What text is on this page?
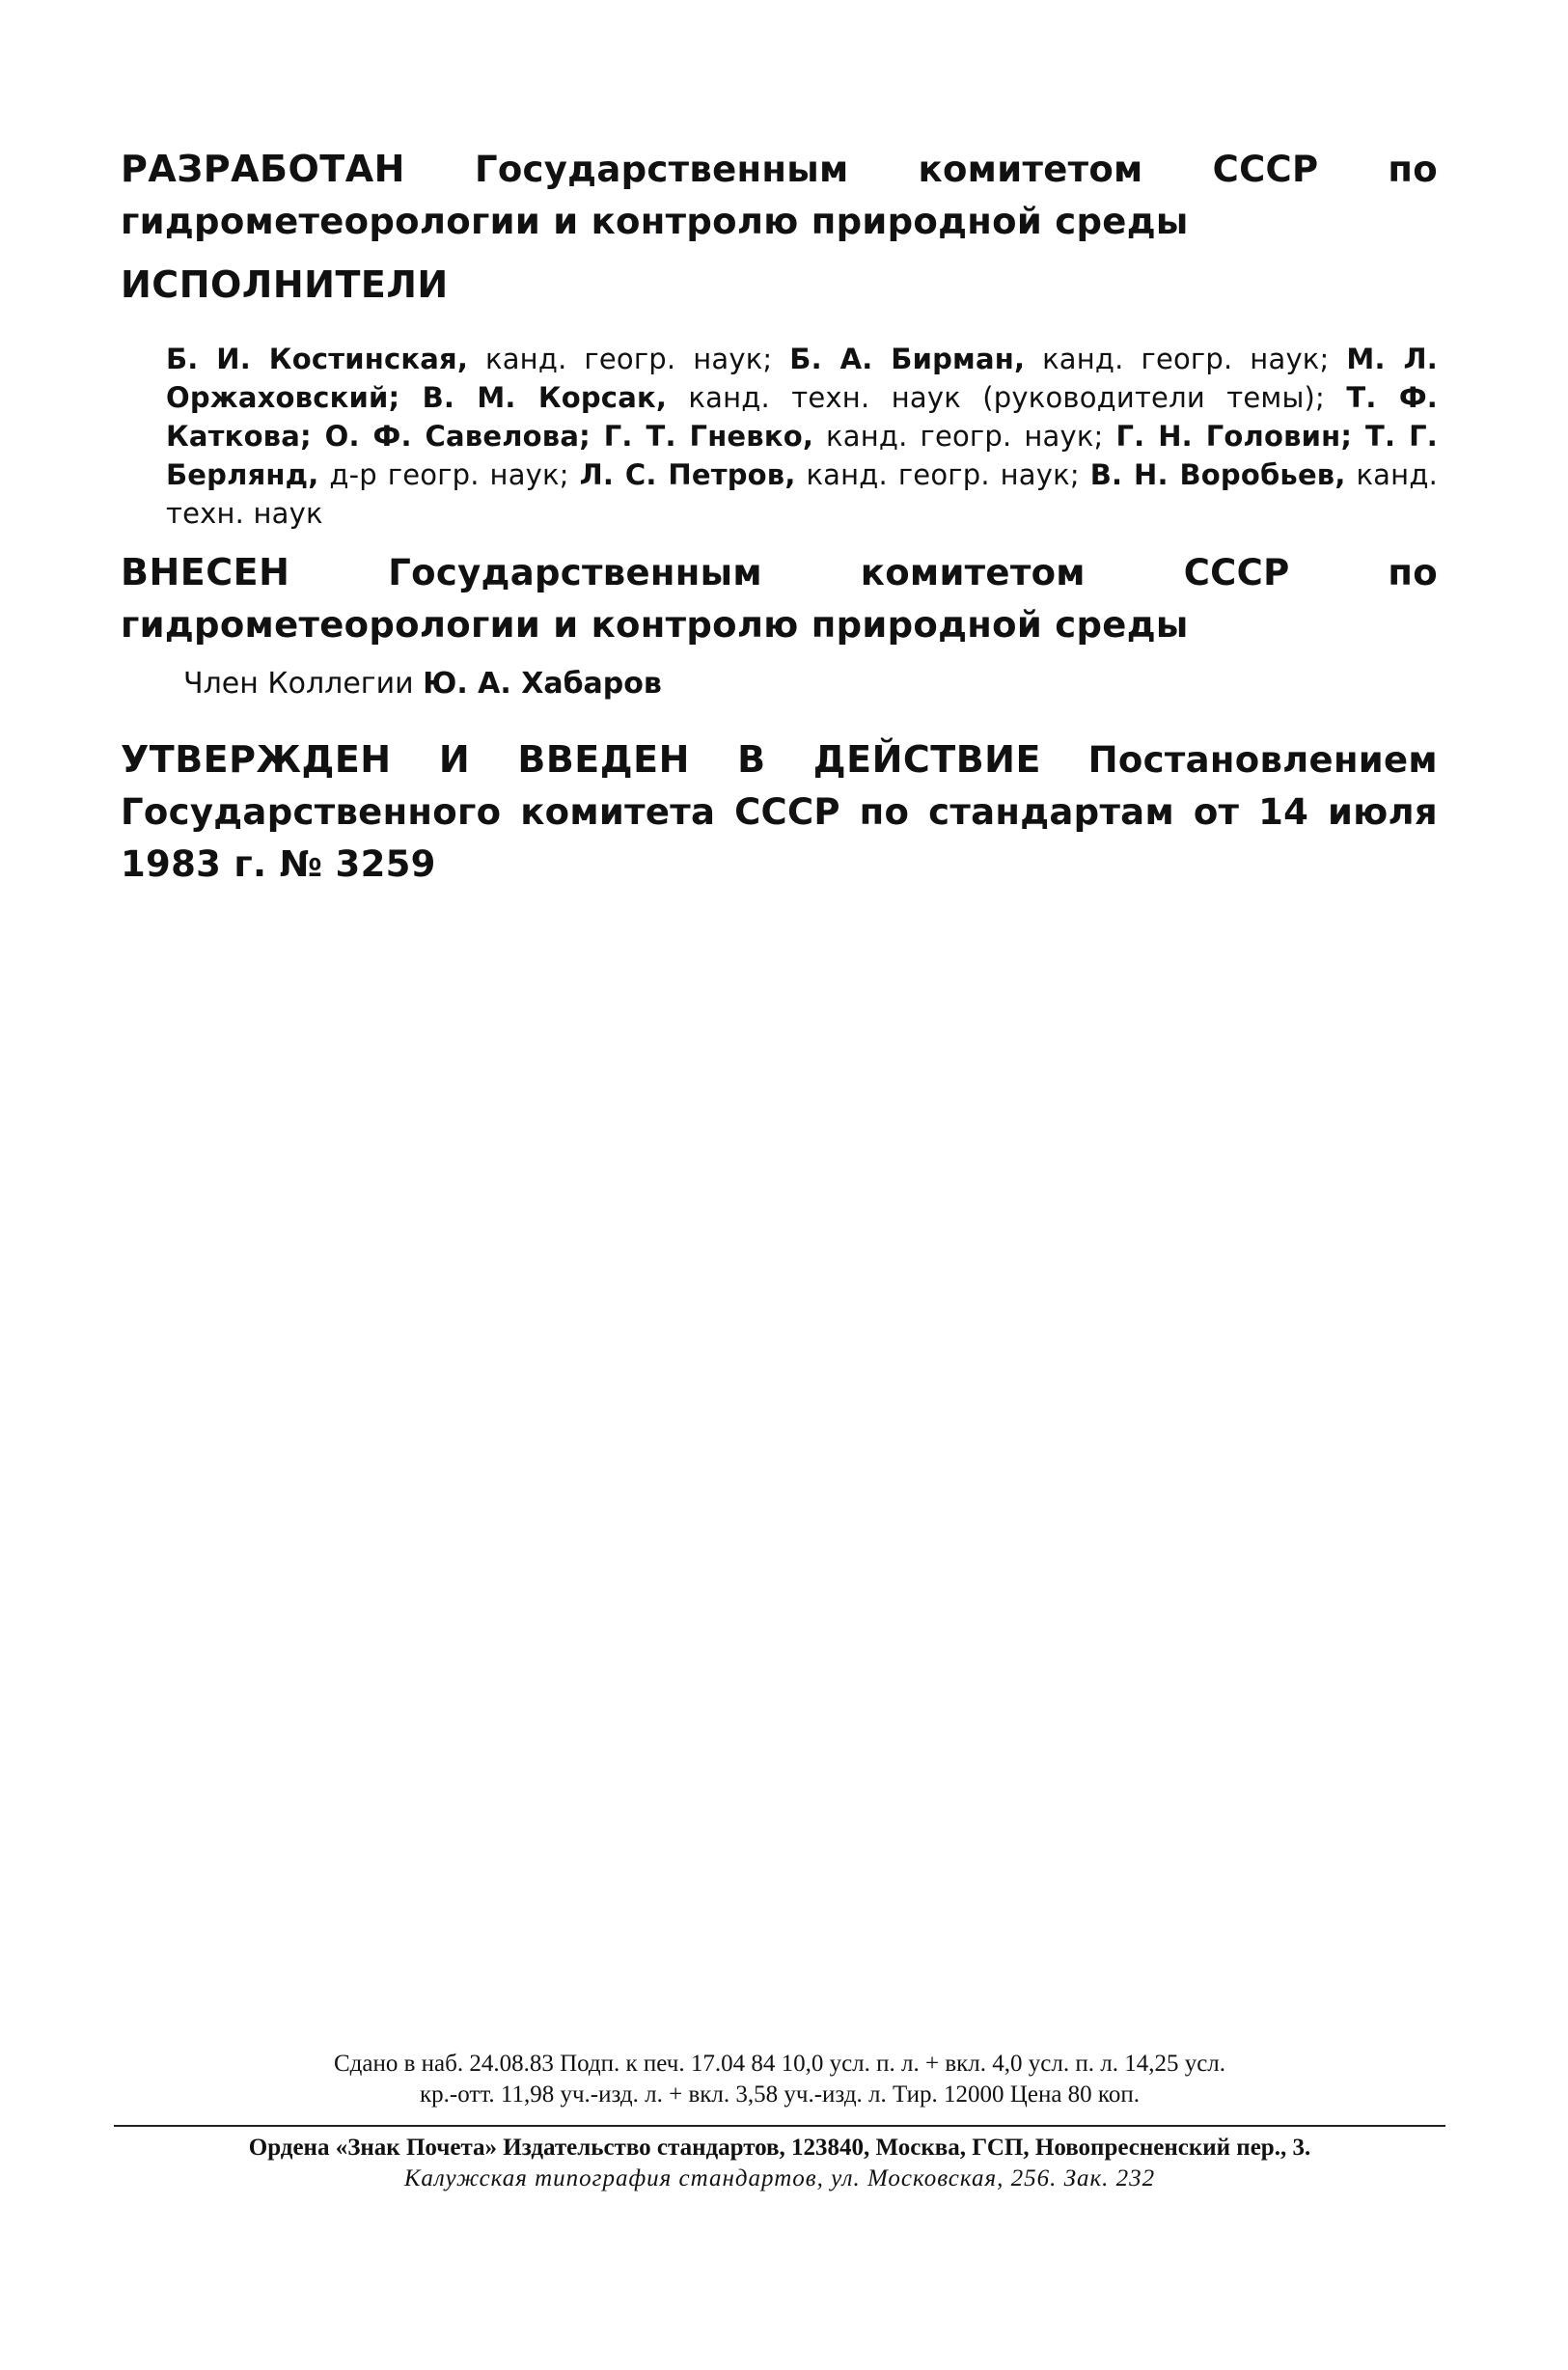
РАЗРАБОТАН Государственным комитетом СССР по гидрометеорологии и контролю природной среды
ИСПОЛНИТЕЛИ
Б. И. Костинская, канд. геогр. наук; Б. А. Бирман, канд. геогр. наук; М. Л. Оржаховский; В. М. Корсак, канд. техн. наук (руководители темы); Т. Ф. Каткова; О. Ф. Савелова; Г. Т. Гневко, канд. геогр. наук; Г. Н. Головин; Т. Г. Берлянд, д-р геогр. наук; Л. С. Петров, канд. геогр. наук; В. Н. Воробьев, канд. техн. наук
ВНЕСЕН	Государственным комитетом СССР по гидрометеорологии и контролю природной среды
Член Коллегии Ю. А. Хабаров
УТВЕРЖДЕН И ВВЕДЕН В ДЕЙСТВИЕ Постановлением Государственного комитета СССР по стандартам от 14 июля 1983 г. № 3259
Сдано в наб. 24.08.83 Подп. к печ. 17.04 84 10,0 усл. п. л. + вкл. 4,0 усл. п. л. 14,25 усл.
кр.-отт. 11,98 уч.-изд. л. + вкл. 3,58 уч.-изд. л. Тир. 12000 Цена 80 коп.
Ордена «Знак Почета» Издательство стандартов, 123840, Москва, ГСП, Новопресненский пер., 3.
Калужская типография стандартов, ул. Московская, 256. Зак. 232
